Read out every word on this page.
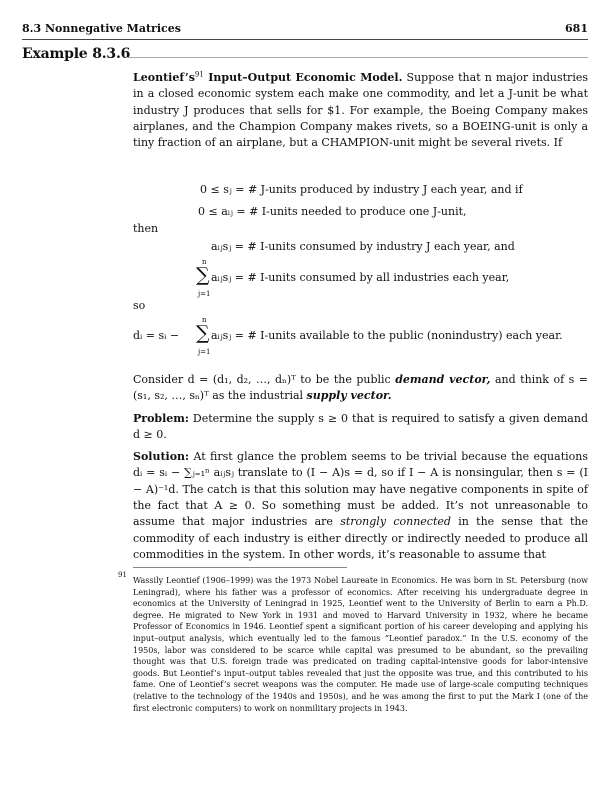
8.3 Nonnegative Matrices	681
Example 8.3.6

$Leontief’s^{91}$ Input–Output Economic Model. Suppose that n major industries in a closed economic system each make one commodity, and let a J-unit be what industry J produces that sells for $1. For example, the Boeing Company makes airplanes, and the Champion Company makes rivets, so a BOEING-unit is only a tiny fraction of an airplane, but a CHAMPION-unit might be several rivets. If

0 ≤ sⱼ = # J-units produced by industry J each year, and if
0 ≤ aᵢⱼ = # I-units needed to produce one J-unit,
then
aᵢⱼsⱼ = # I-units consumed by industry J each year, and
n
∑
j=1
aᵢⱼsⱼ = # I-units consumed by all industries each year,
so
n
dᵢ = sᵢ − ∑
j=1
aᵢⱼsⱼ = # I-units available to the public (nonindustry) each year.

Consider d = (d₁, d₂, …, dₙ)ᵀ to be the public demand vector, and think of s = (s₁, s₂, …, sₙ)ᵀ as the industrial supply vector.

Problem: Determine the supply s ≥ 0 that is required to satisfy a given demand d ≥ 0.

Solution: At first glance the problem seems to be trivial because the equations dᵢ = sᵢ − ∑ⱼ₌₁ⁿ aᵢⱼsⱼ translate to (I − A)s = d, so if I − A is nonsingular, then s = (I − A)⁻¹d. The catch is that this solution may have negative components in spite of the fact that A ≥ 0. So something must be added. It’s not unreasonable to assume that major industries are strongly connected in the sense that the commodity of each industry is either directly or indirectly needed to produce all commodities in the system. In other words, it’s reasonable to assume that

91
Wassily Leontief (1906–1999) was the 1973 Nobel Laureate in Economics. He was born in St. Petersburg (now Leningrad), where his father was a professor of economics. After receiving his undergraduate degree in economics at the University of Leningrad in 1925, Leontief went to the University of Berlin to earn a Ph.D. degree. He migrated to New York in 1931 and moved to Harvard University in 1932, where he became Professor of Economics in 1946. Leontief spent a significant portion of his career developing and applying his input–output analysis, which eventually led to the famous “Leontief paradox.” In the U.S. economy of the 1950s, labor was considered to be scarce while capital was presumed to be abundant, so the prevailing thought was that U.S. foreign trade was predicated on trading capital-intensive goods for labor-intensive goods. But Leontief’s input–output tables revealed that just the opposite was true, and this contributed to his fame. One of Leontief’s secret weapons was the computer. He made use of large-scale computing techniques (relative to the technology of the 1940s and 1950s), and he was among the first to put the Mark I (one of the first electronic computers) to work on nonmilitary projects in 1943.
